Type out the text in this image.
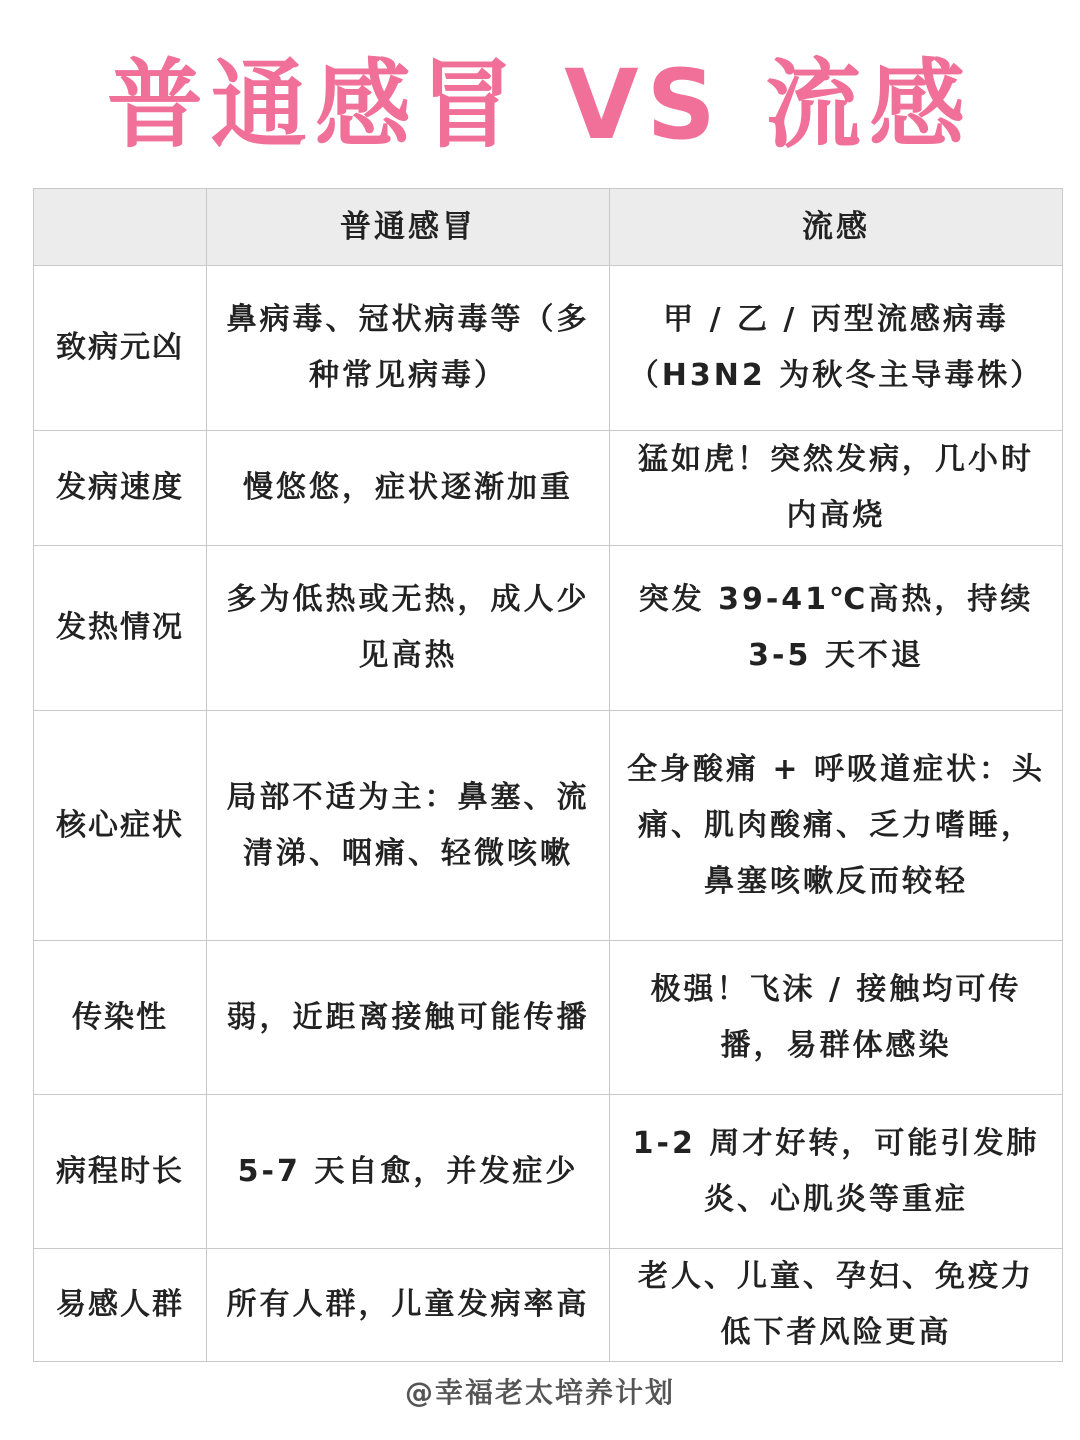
普通感冒 VS 流感
	普通感冒	流感
致病元凶	鼻病毒、冠状病毒等（多种常见病毒）	甲 / 乙 / 丙型流感病毒（H3N2 为秋冬主导毒株）
发病速度	慢悠悠，症状逐渐加重	猛如虎！突然发病，几小时内高烧
发热情况	多为低热或无热，成人少见高热	突发 39-41℃高热，持续 3-5 天不退
核心症状	局部不适为主：鼻塞、流清涕、咽痛、轻微咳嗽	全身酸痛 + 呼吸道症状：头痛、肌肉酸痛、乏力嗜睡，鼻塞咳嗽反而较轻
传染性	弱，近距离接触可能传播	极强！飞沫 / 接触均可传播，易群体感染
病程时长	5-7 天自愈，并发症少	1-2 周才好转，可能引发肺炎、心肌炎等重症
易感人群	所有人群，儿童发病率高	老人、儿童、孕妇、免疫力低下者风险更高
@幸福老太培养计划
